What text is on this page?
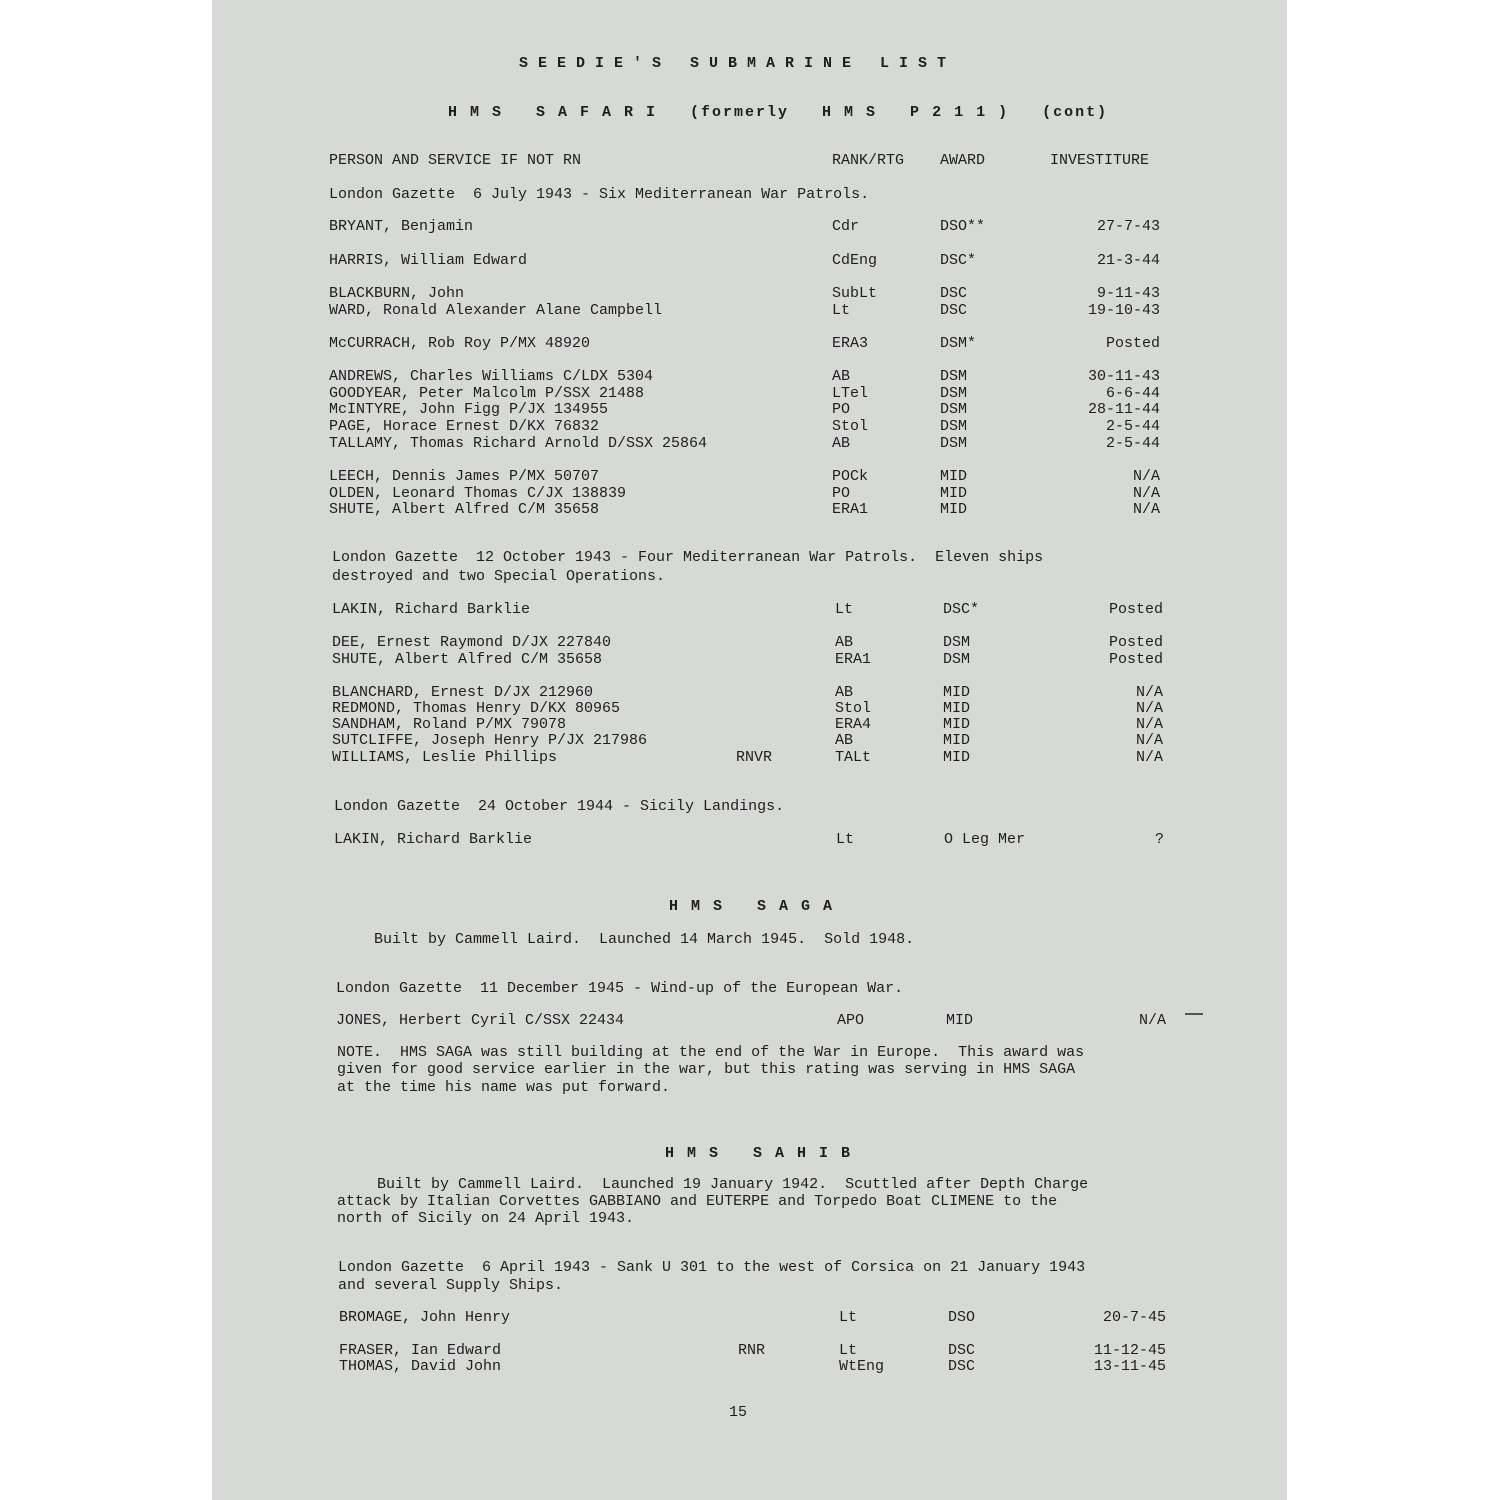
SEEDIE'S SUBMARINE LIST
H M S   S A F A R I   (formerly   H M S   P 2 1 1 )   (cont)
PERSON AND SERVICE IF NOT RN	RANK/RTG AWARD	INVESTITURE
London Gazette  6 July 1943 - Six Mediterranean War Patrols.
BRYANT, Benjamin	Cdr	DSO**	27-7-43
HARRIS, William Edward	CdEng	DSC*	21-3-44
BLACKBURN, John	SubLt	DSC	9-11-43
WARD, Ronald Alexander Alane Campbell	Lt	DSC	19-10-43
McCURRACH, Rob Roy P/MX 48920	ERA3	DSM*	Posted
ANDREWS, Charles Williams C/LDX 5304	AB	DSM	30-11-43
GOODYEAR, Peter Malcolm P/SSX 21488	LTel	DSM	6-6-44
McINTYRE, John Figg P/JX 134955	PO	DSM	28-11-44
PAGE, Horace Ernest D/KX 76832	Stol	DSM	2-5-44
TALLAMY, Thomas Richard Arnold D/SSX 25864	AB	DSM	2-5-44
LEECH, Dennis James P/MX 50707	POCk	MID	N/A
OLDEN, Leonard Thomas C/JX 138839	PO	MID	N/A
SHUTE, Albert Alfred C/M 35658	ERA1	MID	N/A
London Gazette  12 October 1943 - Four Mediterranean War Patrols.  Eleven ships
destroyed and two Special Operations.
LAKIN, Richard Barklie	Lt	DSC*	Posted
DEE, Ernest Raymond D/JX 227840	AB	DSM	Posted
SHUTE, Albert Alfred C/M 35658	ERA1	DSM	Posted
BLANCHARD, Ernest D/JX 212960	AB	MID	N/A
REDMOND, Thomas Henry D/KX 80965	Stol	MID	N/A
SANDHAM, Roland P/MX 79078	ERA4	MID	N/A
SUTCLIFFE, Joseph Henry P/JX 217986	AB	MID	N/A
WILLIAMS, Leslie Phillips	RNVR	TALt	MID	N/A
London Gazette  24 October 1944 - Sicily Landings.
LAKIN, Richard Barklie	Lt	O Leg Mer	?
H M S   S A G A
Built by Cammell Laird.  Launched 14 March 1945.  Sold 1948.
London Gazette  11 December 1945 - Wind-up of the European War.
JONES, Herbert Cyril C/SSX 22434	APO	MID	N/A
NOTE.  HMS SAGA was still building at the end of the War in Europe.  This award was
given for good service earlier in the war, but this rating was serving in HMS SAGA
at the time his name was put forward.
H M S   S A H I B
Built by Cammell Laird.  Launched 19 January 1942.  Scuttled after Depth Charge
attack by Italian Corvettes GABBIANO and EUTERPE and Torpedo Boat CLIMENE to the
north of Sicily on 24 April 1943.
London Gazette  6 April 1943 - Sank U 301 to the west of Corsica on 21 January 1943
and several Supply Ships.
BROMAGE, John Henry	Lt	DSO	20-7-45
FRASER, Ian Edward	RNR	Lt	DSC	11-12-45
THOMAS, David John	WtEng	DSC	13-11-45
15
